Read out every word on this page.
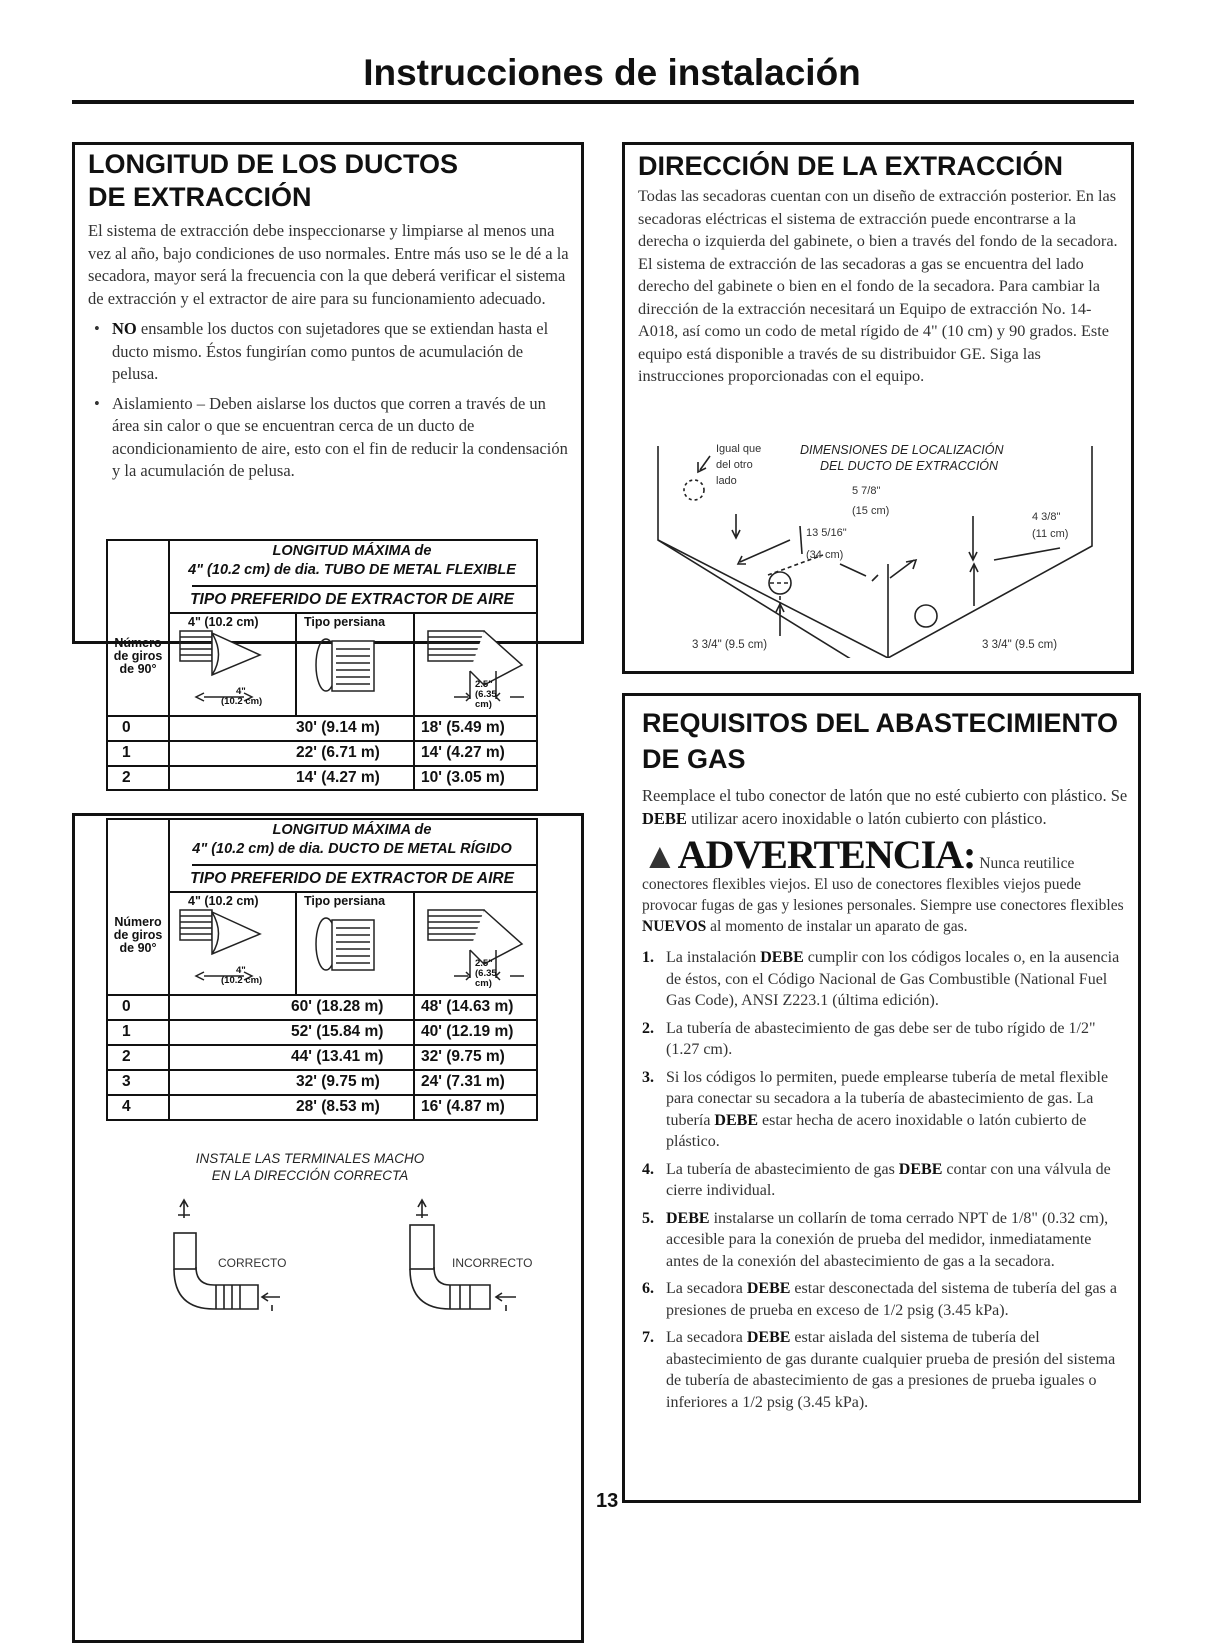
Instrucciones de instalación
LONGITUD DE LOS DUCTOS
DE EXTRACCIÓN

El sistema de extracción debe inspeccionarse y limpiarse al menos una vez al año, bajo condiciones de uso normales. Entre más uso se le dé a la secadora, mayor será la frecuencia con la que deberá verificar el sistema de extracción y el extractor de aire para su funcionamiento adecuado.

• NO ensamble los ductos con sujetadores que se extiendan hasta el ducto mismo. Éstos fungirían como puntos de acumulación de pelusa.
• Aislamiento – Deben aislarse los ductos que corren a través de un área sin calor o que se encuentran cerca de un ducto de acondicionamiento de aire, esto con el fin de reducir la condensación y la acumulación de pelusa.
LONGITUD MÁXIMA de
4" (10.2 cm) de dia. TUBO DE METAL FLEXIBLE
TIPO PREFERIDO DE EXTRACTOR DE AIRE
4" (10.2 cm)	Tipo persiana
Número de giros de 90°
4"
(10.2 cm)
2.5"
(6.35
cm)
0	30' (9.14 m)	18' (5.49 m)
1	22' (6.71 m)	14' (4.27 m)
2	14' (4.27 m)	10' (3.05 m)
LONGITUD MÁXIMA de
4" (10.2 cm) de dia. DUCTO DE METAL RÍGIDO
TIPO PREFERIDO DE EXTRACTOR DE AIRE
4" (10.2 cm)	Tipo persiana
Número de giros de 90°
4"
(10.2 cm)
2.5"
(6.35
cm)
0	60' (18.28 m) 48' (14.63 m)
1	52' (15.84 m) 40' (12.19 m)
2	44' (13.41 m) 32' (9.75 m)
3	32' (9.75 m)	24' (7.31 m)
4	28' (8.53 m)	16' (4.87 m)
INSTALE LAS TERMINALES MACHO
EN LA DIRECCIÓN CORRECTA
CORRECTO	INCORRECTO
DIRECCIÓN DE LA EXTRACCIÓN

Todas las secadoras cuentan con un diseño de extracción posterior. En las secadoras eléctricas el sistema de extracción puede encontrarse a la derecha o izquierda del gabinete, o bien a través del fondo de la secadora. El sistema de extracción de las secadoras a gas se encuentra del lado derecho del gabinete o bien en el fondo de la secadora. Para cambiar la dirección de la extracción necesitará un Equipo de extracción No. 14-A018, así como un codo de metal rígido de 4" (10 cm) y 90 grados. Este equipo está disponible a través de su distribuidor GE. Siga las instrucciones proporcionadas con el equipo.

DIMENSIONES DE LOCALIZACIÓN
DEL DUCTO DE EXTRACCIÓN
Igual que
del otro
lado
5 7/8"
(15 cm)
13 5/16"
(34 cm)
4 3/8"
(11 cm)
3 3/4" (9.5 cm)	3 3/4" (9.5 cm)
REQUISITOS DEL ABASTECIMIENTO
DE GAS

Reemplace el tubo conector de latón que no esté cubierto con plástico. Se DEBE utilizar acero inoxidable o latón cubierto con plástico.

▲ADVERTENCIA: Nunca reutilice conectores flexibles viejos. El uso de conectores flexibles viejos puede provocar fugas de gas y lesiones personales. Siempre use conectores flexibles NUEVOS al momento de instalar un aparato de gas.

1. La instalación DEBE cumplir con los códigos locales o, en la ausencia de éstos, con el Código Nacional de Gas Combustible (National Fuel Gas Code), ANSI Z223.1 (última edición).
2. La tubería de abastecimiento de gas debe ser de tubo rígido de 1/2" (1.27 cm).
3. Si los códigos lo permiten, puede emplearse tubería de metal flexible para conectar su secadora a la tubería de abastecimiento de gas. La tubería DEBE estar hecha de acero inoxidable o latón cubierto de plástico.
4. La tubería de abastecimiento de gas DEBE contar con una válvula de cierre individual.
5. DEBE instalarse un collarín de toma cerrado NPT de 1/8" (0.32 cm), accesible para la conexión de prueba del medidor, inmediatamente antes de la conexión del abastecimiento de gas a la secadora.
6. La secadora DEBE estar desconectada del sistema de tubería del gas a presiones de prueba en exceso de 1/2 psig (3.45 kPa).
7. La secadora DEBE estar aislada del sistema de tubería del abastecimiento de gas durante cualquier prueba de presión del sistema de tubería de abastecimiento de gas a presiones de prueba iguales o inferiores a 1/2 psig (3.45 kPa).
13
